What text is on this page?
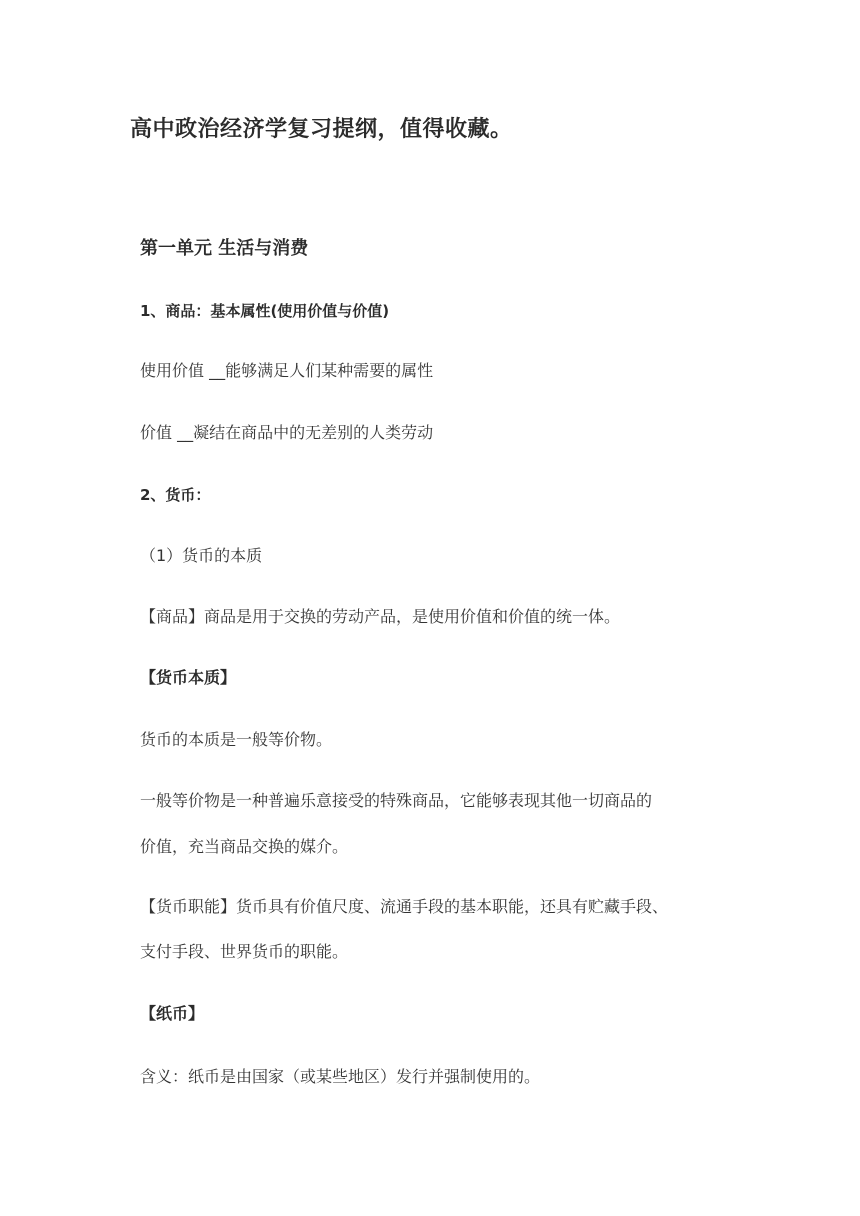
高中政治经济学复习提纲，值得收藏。
第一单元 生活与消费
1、商品：基本属性(使用价值与价值)
使用价值 __能够满足人们某种需要的属性
价值 __凝结在商品中的无差别的人类劳动
2、货币：
（1）货币的本质
【商品】商品是用于交换的劳动产品，是使用价值和价值的统一体。
【货币本质】
货币的本质是一般等价物。
一般等价物是一种普遍乐意接受的特殊商品，它能够表现其他一切商品的
价值，充当商品交换的媒介。
【货币职能】货币具有价值尺度、流通手段的基本职能，还具有贮藏手段、
支付手段、世界货币的职能。
【纸币】
含义：纸币是由国家（或某些地区）发行并强制使用的。
